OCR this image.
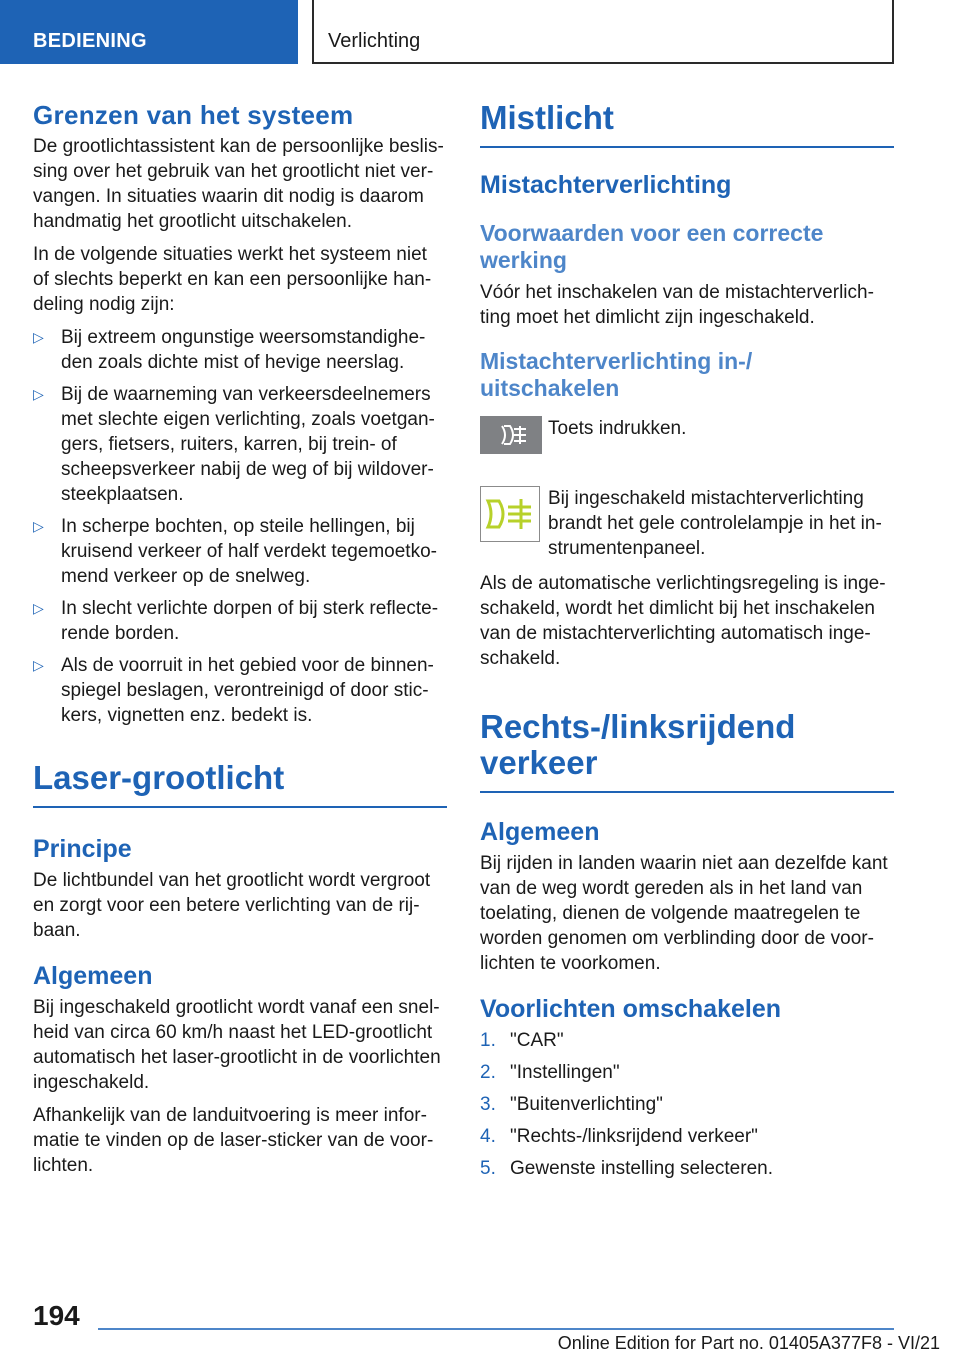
BEDIENING	Verlichting
Grenzen van het systeem

De grootlichtassistent kan de persoonlijke beslissing over het gebruik van het grootlicht niet vervangen. In situaties waarin dit nodig is daarom handmatig het grootlicht uitschakelen.

In de volgende situaties werkt het systeem niet of slechts beperkt en kan een persoonlijke handeling nodig zijn:

▷ Bij extreem ongunstige weersomstandigheden zoals dichte mist of hevige neerslag.
▷ Bij de waarneming van verkeersdeelnemers met slechte eigen verlichting, zoals voetgangers, fietsers, ruiters, karren, bij trein- of scheepsverkeer nabij de weg of bij wildoversteekplaatsen.
▷ In scherpe bochten, op steile hellingen, bij kruisend verkeer of half verdekt tegemoetkomend verkeer op de snelweg.
▷ In slecht verlichte dorpen of bij sterk reflecterende borden.
▷ Als de voorruit in het gebied voor de binnenspiegel beslagen, verontreinigd of door stickers, vignetten enz. bedekt is.
Laser-grootlicht
Principe

De lichtbundel van het grootlicht wordt vergroot en zorgt voor een betere verlichting van de rijbaan.

Algemeen

Bij ingeschakeld grootlicht wordt vanaf een snelheid van circa 60 km/h naast het LED-grootlicht automatisch het laser-grootlicht in de voorlichten ingeschakeld.

Afhankelijk van de landuitvoering is meer informatie te vinden op de laser-sticker van de voorlichten.

Mistlicht
Mistachterverlichting
Voorwaarden voor een correcte werking

Vóór het inschakelen van de mistachterverlichting moet het dimlicht zijn ingeschakeld.

Mistachterverlichting in-/ uitschakelen
Toets indrukken.
Bij ingeschakeld mistachterverlichting brandt het gele controlelampje in het instrumentenpaneel.

Als de automatische verlichtingsregeling is ingeschakeld, wordt het dimlicht bij het inschakelen van de mistachterverlichting automatisch ingeschakeld.

Rechts-/linksrijdend verkeer
Algemeen

Bij rijden in landen waarin niet aan dezelfde kant van de weg wordt gereden als in het land van toelating, dienen de volgende maatregelen te worden genomen om verblinding door de voorlichten te voorkomen.

Voorlichten omschakelen
1. "CAR"
2. "Instellingen"
3. "Buitenverlichting"
4. "Rechts-/linksrijdend verkeer"
5. Gewenste instelling selecteren.
194
Online Edition for Part no. 01405A377F8 - VI/21
